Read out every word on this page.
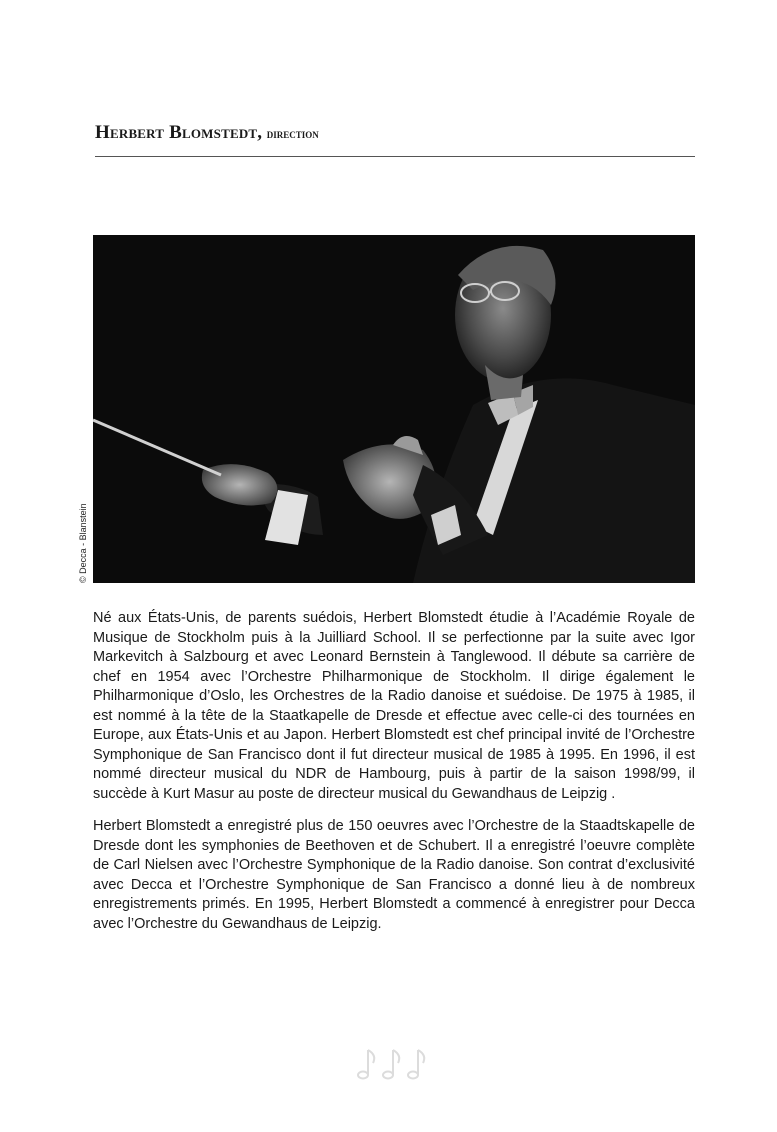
Herbert Blomstedt, direction
© Decca - Blanstein

Né aux États-Unis, de parents suédois, Herbert Blomstedt étudie à l’Académie Royale de Musique de Stockholm puis à la Juilliard School. Il se perfectionne par la suite avec Igor Markevitch à Salzbourg et avec Leonard Bernstein à Tanglewood. Il débute sa carrière de chef en 1954 avec l’Orchestre Philharmonique de Stockholm. Il dirige également le Philharmonique d’Oslo, les Orchestres de la Radio danoise et suédoise. De 1975 à 1985, il est nommé à la tête de la Staatkapelle de Dresde et effectue avec celle-ci des tournées en Europe, aux États-Unis et au Japon. Herbert Blomstedt est chef principal invité de l’Orchestre Symphonique de San Francisco dont il fut directeur musical de 1985 à 1995. En 1996, il est nommé directeur musical du NDR de Hambourg, puis à partir de la saison 1998/99, il succède à Kurt Masur au poste de directeur musical du Gewandhaus de Leipzig .

Herbert Blomstedt a enregistré plus de 150 oeuvres avec l’Orchestre de la Staadtskapelle de Dresde dont les symphonies de Beethoven et de Schubert. Il a enregistré l’oeuvre complète de Carl Nielsen avec l’Orchestre Symphonique de la Radio danoise. Son contrat d’exclusivité avec Decca et l’Orchestre Symphonique de San Francisco a donné lieu à de nombreux enregistrements primés. En 1995, Herbert Blomstedt a commencé à enregistrer pour Decca avec l’Orchestre du Gewandhaus de Leipzig.
